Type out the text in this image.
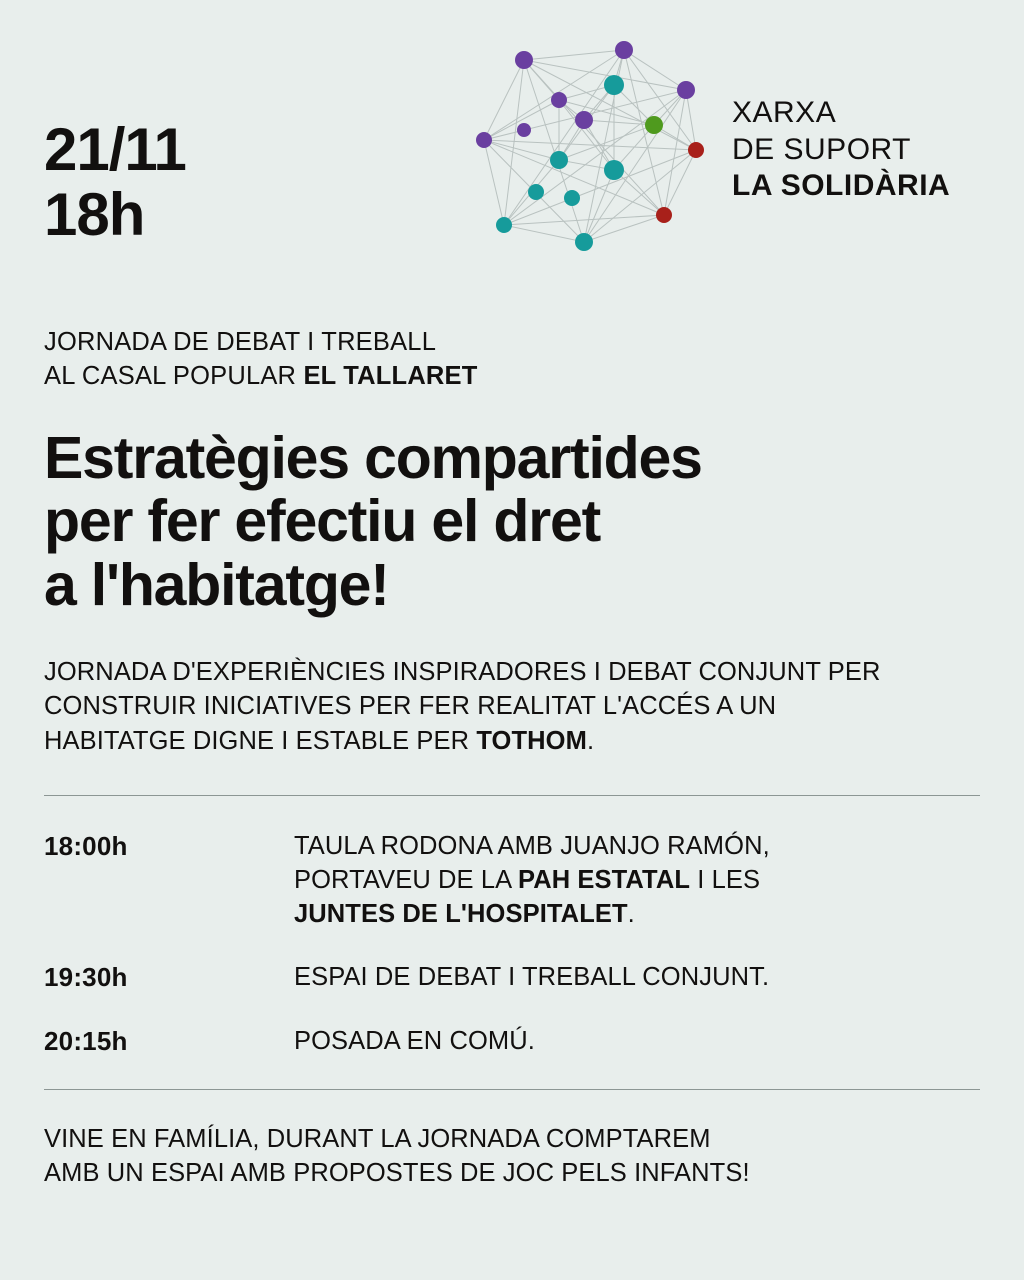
21/11
18h
XARXA
DE SUPORT
LA SOLIDÀRIA
JORNADA DE DEBAT I TREBALL
AL CASAL POPULAR EL TALLARET
Estratègies compartides
per fer efectiu el dret
a l'habitatge!
JORNADA D'EXPERIÈNCIES INSPIRADORES I DEBAT CONJUNT PER
CONSTRUIR INICIATIVES PER FER REALITAT L'ACCÉS A UN
HABITATGE DIGNE I ESTABLE PER TOTHOM.
18:00h	TAULA RODONA AMB JUANJO RAMÓN,
PORTAVEU DE LA PAH ESTATAL I LES
JUNTES DE L'HOSPITALET.
19:30h	ESPAI DE DEBAT I TREBALL CONJUNT.
20:15h	POSADA EN COMÚ.
VINE EN FAMÍLIA, DURANT LA JORNADA COMPTAREM
AMB UN ESPAI AMB PROPOSTES DE JOC PELS INFANTS!
